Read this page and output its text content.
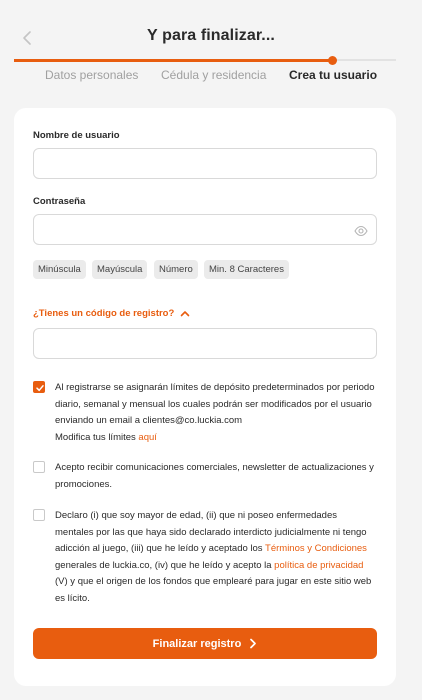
Y para finalizar...
Datos personales Cédula y residencia Crea tu usuario
Nombre de usuario
Contraseña
Minúscula	Mayúscula	Número	Min. 8 Caracteres
¿Tienes un código de registro?
Al registrarse se asignarán límites de depósito predeterminados por periodo diario, semanal y mensual los cuales podrán ser modificados por el usuario enviando un email a clientes@co.luckia.com
Modifica tus límites aquí
Acepto recibir comunicaciones comerciales, newsletter de actualizaciones y promociones.
Declaro (i) que soy mayor de edad, (ii) que ni poseo enfermedades mentales por las que haya sido declarado interdicto judicialmente ni tengo adicción al juego, (iii) que he leído y aceptado los Términos y Condiciones generales de luckia.co, (iv) que he leído y acepto la política de privacidad (V) y que el origen de los fondos que emplearé para jugar en este sitio web es lícito.
Finalizar registro
